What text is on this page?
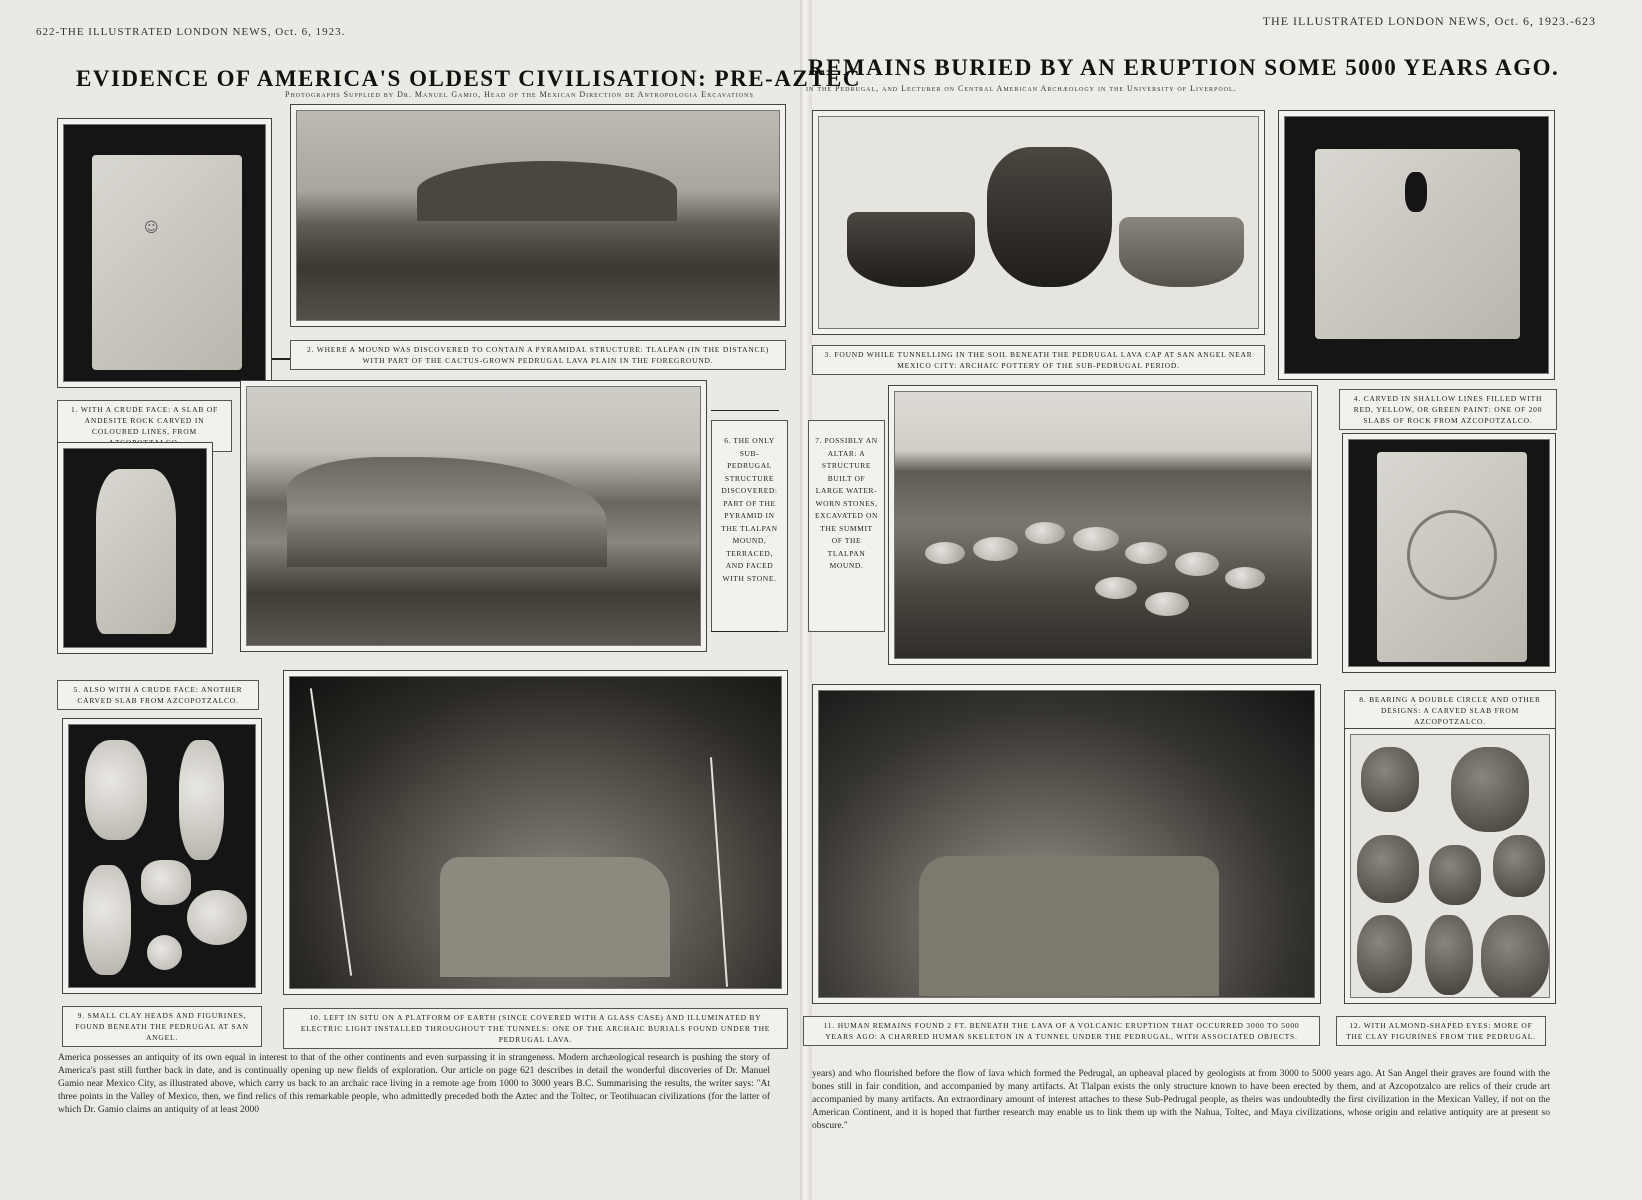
622-THE ILLUSTRATED LONDON NEWS, Oct. 6, 1923.
THE ILLUSTRATED LONDON NEWS, Oct. 6, 1923.-623
EVIDENCE OF AMERICA'S OLDEST CIVILISATION: PRE-AZTEC
REMAINS BURIED BY AN ERUPTION SOME 5000 YEARS AGO.
Photographs Supplied by Dr. Manuel Gamio, Head of the Mexican Direction de Antropologia Excavations
in the Pedrugal, and Lecturer on Central American Archæology in the University of Liverpool.
☺
1. WITH A CRUDE FACE: A SLAB OF ANDESITE ROCK CARVED IN COLOURED LINES, FROM
2. WHERE A MOUND WAS DISCOVERED TO CONTAIN A PYRAMIDAL STRUCTURE: TLALPAN (IN THE DISTANCE) WITH PART OF THE CACTUS-GROWN PEDRUGAL LAVA PLAIN IN THE FOREGROUND.
3. FOUND WHILE TUNNELLING IN THE SOIL BENEATH THE PEDRUGAL LAVA CAP AT SAN ANGEL NEAR MEXICO CITY: ARCHAIC POTTERY OF THE SUB-PEDRUGAL PERIOD.
4. CARVED IN SHALLOW LINES FILLED WITH RED, YELLOW, OR GREEN PAINT: ONE OF 200 SLABS OF ROCK FROM AZCOPOTZALCO.
5. ALSO WITH A CRUDE FACE: ANOTHER CARVED SLAB FROM AZCOPOTZALCO.
6. THE ONLY SUB-PEDRUGAL STRUCTURE DISCOVERED: PART OF THE PYRAMID IN THE TLALPAN MOUND, TERRACED, AND FACED WITH STONE.
7. POSSIBLY AN ALTAR: A STRUCTURE BUILT OF LARGE WATER-WORN STONES, EXCAVATED ON THE SUMMIT OF THE TLALPAN MOUND.
8. BEARING A DOUBLE CIRCLE AND OTHER DESIGNS: A CARVED SLAB FROM AZCOPOTZALCO.
9. SMALL CLAY HEADS AND FIGURINES, FOUND BENEATH THE PEDRUGAL AT SAN ANGEL.
10. LEFT IN SITU ON A PLATFORM OF EARTH (SINCE COVERED WITH A GLASS CASE) AND ILLUMINATED BY ELECTRIC LIGHT INSTALLED THROUGHOUT THE TUNNELS: ONE OF THE ARCHAIC BURIALS FOUND UNDER THE PEDRUGAL LAVA.
11. HUMAN REMAINS FOUND 2 FT. BENEATH THE LAVA OF A VOLCANIC ERUPTION THAT OCCURRED 3000 TO 5000 YEARS AGO: A CHARRED HUMAN SKELETON IN A TUNNEL UNDER THE PEDRUGAL, WITH ASSOCIATED OBJECTS.
12. WITH ALMOND-SHAPED EYES: MORE OF THE CLAY FIGURINES FROM THE PEDRUGAL.
America possesses an antiquity of its own equal in interest to that of the other continents and even surpassing it in strangeness. Modern archæological research is pushing the story of America's past still further back in date, and is continually opening up new fields of exploration. Our article on page 621 describes in detail the wonderful discoveries of Dr. Manuel Gamio near Mexico City, as illustrated above, which carry us back to an archaic race living in a remote age from 1000 to 3000 years B.C. Summarising the results, the writer says: "At three points in the Valley of Mexico, then, we find relics of this remarkable people, who admittedly preceded both the Aztec and the Toltec, or Teotihuacan civilizations (for the latter of which Dr. Gamio claims an antiquity of at least 2000
years) and who flourished before the flow of lava which formed the Pedrugal, an upheaval placed by geologists at from 3000 to 5000 years ago. At San Angel their graves are found with the bones still in fair condition, and accompanied by many artifacts. At Tlalpan exists the only structure known to have been erected by them, and at Azcopotzalco are relics of their crude art accompanied by many artifacts. An extraordinary amount of interest attaches to these Sub-Pedrugal people, as theirs was undoubtedly the first civilization in the Mexican Valley, if not on the American Continent, and it is hoped that further research may enable us to link them up with the Nahua, Toltec, and Maya civilizations, whose origin and relative antiquity are at present so obscure."
